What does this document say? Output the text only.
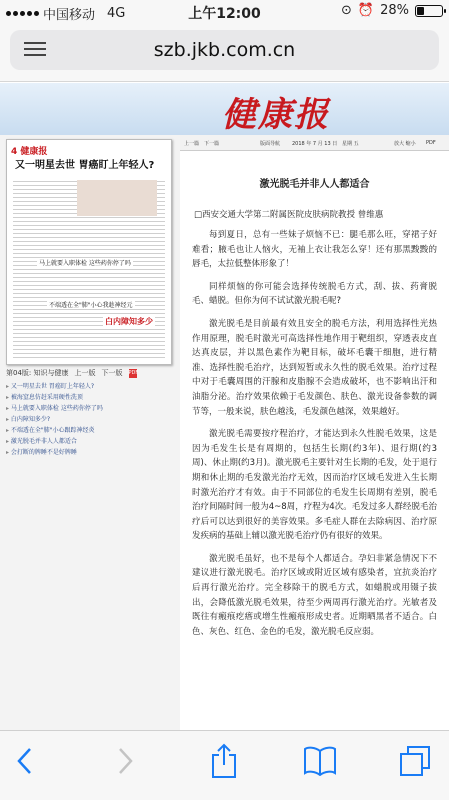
中国移动 4G	上午12:00	⊙ ⏰ 28%
szb.jkb.com.cn
健康报
4 健康报
又一明星去世 胃癌盯上年轻人?
马上就要入职体检 这些药你停了吗
不端透在全"肺"小心我趁神经元
白内障知多少
第04版: 知识与健康 上一版 下一版 PDF
▸ 又一明星去世 胃癌盯上年轻人?
▸ 被海窒息仿赶采用硬性洗顶
▸ 马上就要入职体检 这些药你停了吗
▸ 白内障知多少?
▸ 不端透在全"肺"小心跟踪神经炎
▸ 激光脱毛并非人人都适合
▸ 会打断的牌睡不是好牌睡
上一篇 下一篇	版面导航 2018 年 7 月 13 日 星期 五	放大 缩小 PDF
激光脱毛并非人人都适合
□西安交通大学第二附属医院皮肤病院教授 曾维惠

每到夏日，总有一些妹子烦恼不已：腿毛那么旺，穿裙子好难看；腋毛也让人恼火，无袖上衣让我怎么穿！还有那黑黢黢的唇毛，太拉低整体形象了！

同样烦恼的你可能会选择传统脱毛方式，刮、拔、药膏脱毛、蜡脱。但你为何不试试激光脱毛呢?

激光脱毛是目前最有效且安全的脱毛方法，利用选择性光热作用原理，脱毛时激光可高选择性地作用于靶组织，穿透表皮直达真皮层，并以黑色素作为靶目标，破坏毛囊干细胞，进行精准、选择性脱毛治疗，达到短暂或永久性的脱毛效果。治疗过程中对于毛囊周围的汗腺和皮脂腺不会造成破坏，也不影响出汗和油脂分泌。治疗效果依赖于毛发颜色、肤色、激光设备参数的调节等，一般来说，肤色越浅，毛发颜色越深，效果越好。

激光脱毛需要按疗程治疗，才能达到永久性脱毛效果，这是因为毛发生长是有周期的，包括生长期(约3年)、退行期(约3周)、休止期(约3月)。激光脱毛主要针对生长期的毛发，处于退行期和休止期的毛发激光治疗无效，因而治疗区域毛发进入生长期时激光治疗才有效。由于不同部位的毛发生长周期有差别，脱毛治疗间隔时间一般为4~8周，疗程为4次。毛发过多人群经脱毛治疗后可以达到很好的美容效果。多毛症人群在去除病因、治疗原发疾病的基础上辅以激光脱毛治疗仍有很好的效果。

激光脱毛虽好，也不是每个人都适合。孕妇非紧急情况下不建议进行激光脱毛。治疗区域或附近区域有感染者，宜抗炎治疗后再行激光治疗。完全移除干的脱毛方式，如蜡脱或用镊子拔出，会降低激光脱毛效果，待至少两周再行激光治疗。光敏者及既往有瘢痕疙瘩或增生性瘢痕形成史者。近期晒黑者不适合。白色、灰色、红色、金色的毛发，激光脱毛反应弱。
